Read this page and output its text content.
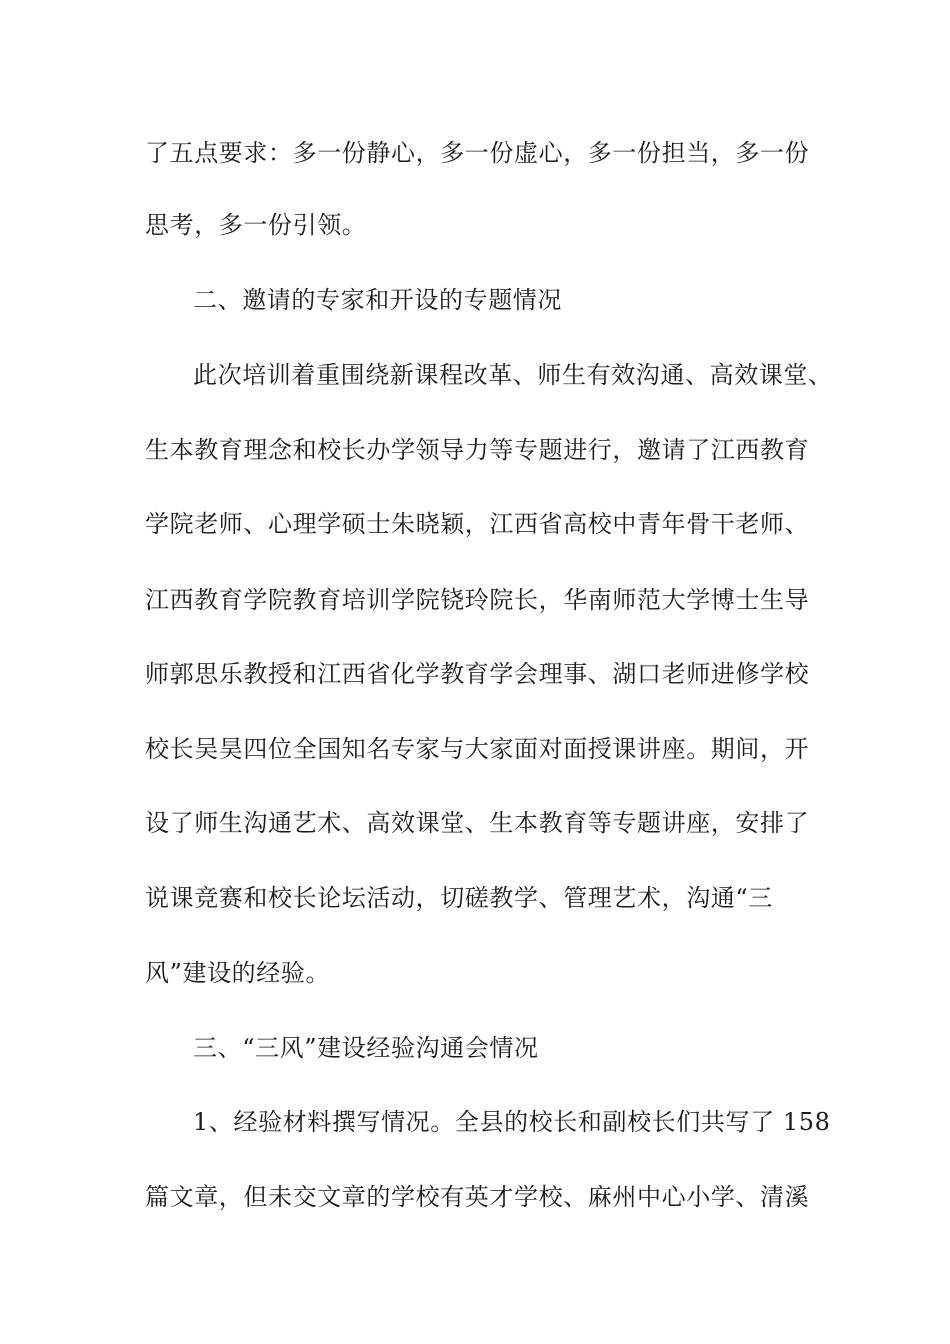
了五点要求：多一份静心，多一份虚心，多一份担当，多一份
思考，多一份引领。
二、邀请的专家和开设的专题情况
此次培训着重围绕新课程改革、师生有效沟通、高效课堂、
生本教育理念和校长办学领导力等专题进行，邀请了江西教育
学院老师、心理学硕士朱晓颖，江西省高校中青年骨干老师、
江西教育学院教育培训学院铙玲院长，华南师范大学博士生导
师郭思乐教授和江西省化学教育学会理事、湖口老师进修学校
校长吴昊四位全国知名专家与大家面对面授课讲座。期间，开
设了师生沟通艺术、高效课堂、生本教育等专题讲座，安排了
说课竞赛和校长论坛活动，切磋教学、管理艺术，沟通“三
风”建设的经验。
三、“三风”建设经验沟通会情况
1、经验材料撰写情况。全县的校长和副校长们共写了 158
篇文章，但未交文章的学校有英才学校、麻州中心小学、清溪
